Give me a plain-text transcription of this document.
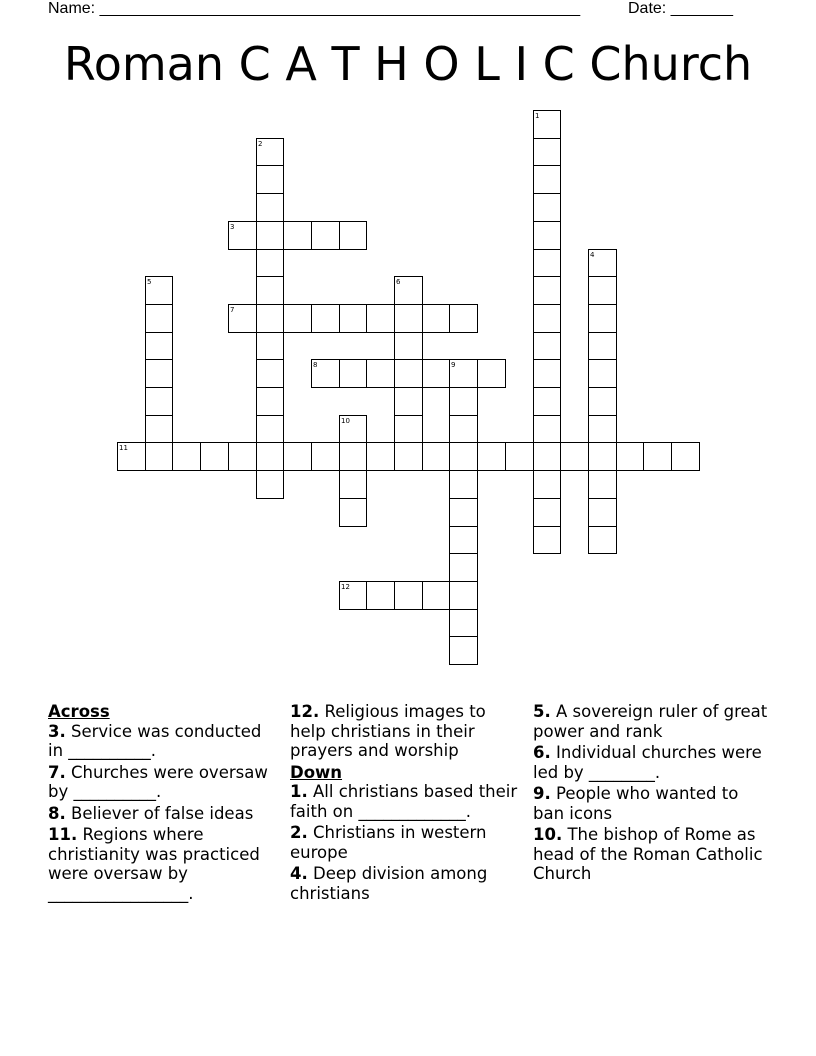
Name: ______________________________________________________	Date: _______
Roman C A T H O L I C Church
1
2
3
4
5	6
7
8	9
10
11
12
Across
3. Service was conducted in __________.
7. Churches were oversaw by __________.
8. Believer of false ideas
11. Regions where christianity was practiced were oversaw by _________________.
12. Religious images to help christians in their prayers and worship
Down
1. All christians based their faith on _____________.
2. Christians in western europe
4. Deep division among christians
5. A sovereign ruler of great power and rank
6. Individual churches were led by ________.
9. People who wanted to ban icons
10. The bishop of Rome as head of the Roman Catholic Church
